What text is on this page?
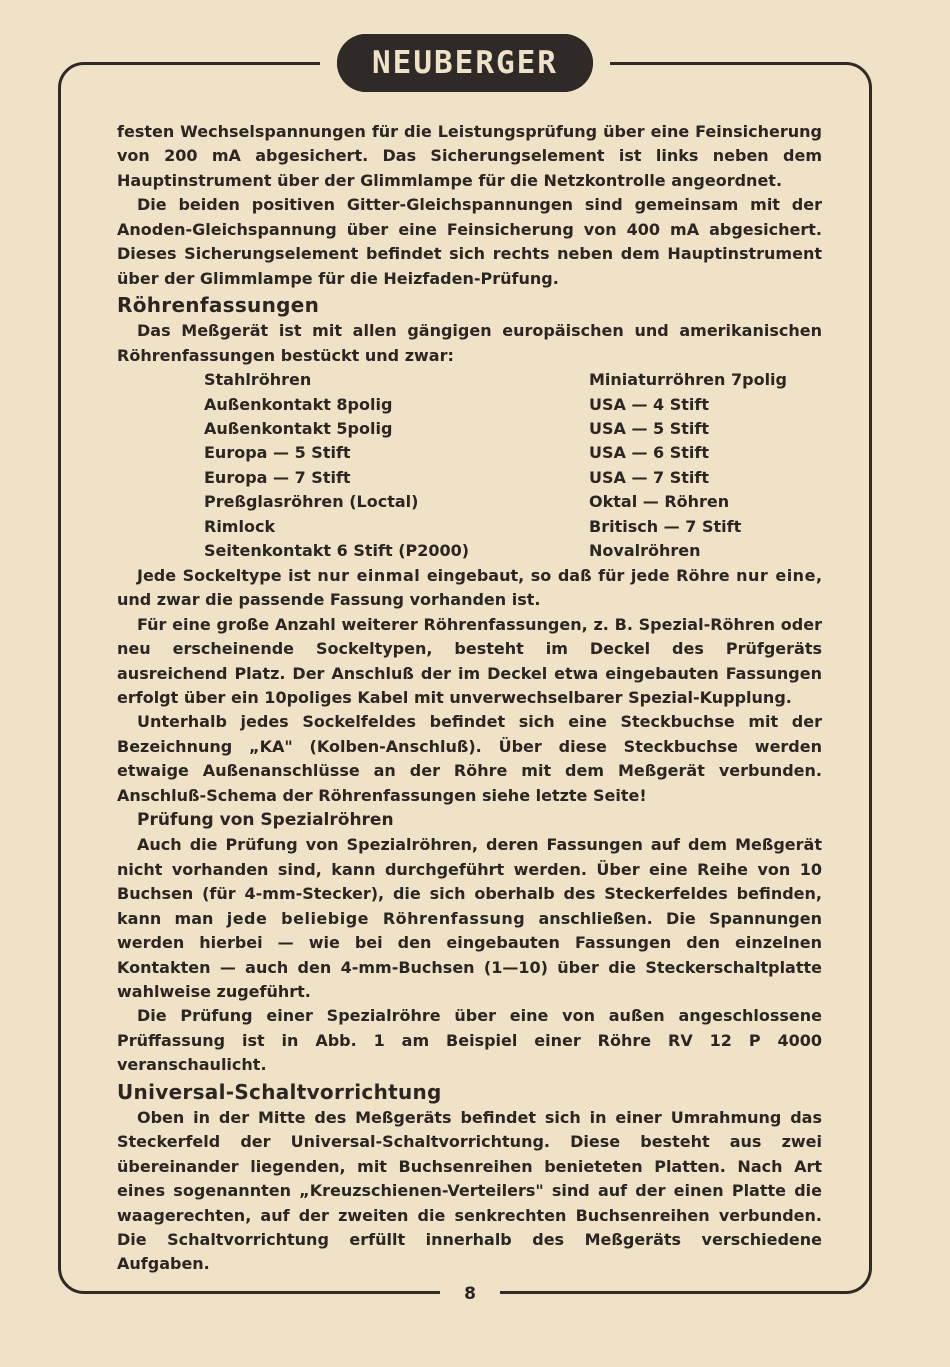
NEUBERGER

festen Wechselspannungen für die Leistungsprüfung über eine Feinsicherung von 200 mA abgesichert. Das Sicherungselement ist links neben dem Hauptinstrument über der Glimmlampe für die Netzkontrolle angeordnet.

Die beiden positiven Gitter-Gleichspannungen sind gemeinsam mit der Anoden-Gleichspannung über eine Feinsicherung von 400 mA abgesichert. Dieses Sicherungselement befindet sich rechts neben dem Hauptinstrument über der Glimmlampe für die Heizfaden-Prüfung.

Röhrenfassungen

Das Meßgerät ist mit allen gängigen europäischen und amerikanischen Röhrenfassungen bestückt und zwar:

Stahlröhren	Miniaturröhren 7polig
Außenkontakt 8polig	USA — 4 Stift
Außenkontakt 5polig	USA — 5 Stift
Europa — 5 Stift	USA — 6 Stift
Europa — 7 Stift	USA — 7 Stift
Preßglasröhren (Loctal)	Oktal — Röhren
Rimlock	Britisch — 7 Stift
Seitenkontakt 6 Stift (P2000)	Novalröhren

Jede Sockeltype ist nur einmal eingebaut, so daß für jede Röhre nur eine, und zwar die passende Fassung vorhanden ist.

Für eine große Anzahl weiterer Röhrenfassungen, z. B. Spezial-Röhren oder neu erscheinende Sockeltypen, besteht im Deckel des Prüfgeräts ausreichend Platz. Der Anschluß der im Deckel etwa eingebauten Fassungen erfolgt über ein 10poliges Kabel mit unverwechselbarer Spezial-Kupplung.

Unterhalb jedes Sockelfeldes befindet sich eine Steckbuchse mit der Bezeichnung „KA" (Kolben-Anschluß). Über diese Steckbuchse werden etwaige Außenanschlüsse an der Röhre mit dem Meßgerät verbunden. Anschluß-Schema der Röhrenfassungen siehe letzte Seite!

Prüfung von Spezialröhren

Auch die Prüfung von Spezialröhren, deren Fassungen auf dem Meßgerät nicht vorhanden sind, kann durchgeführt werden. Über eine Reihe von 10 Buchsen (für 4-mm-Stecker), die sich oberhalb des Steckerfeldes befinden, kann man jede beliebige Röhrenfassung anschließen. Die Spannungen werden hierbei — wie bei den eingebauten Fassungen den einzelnen Kontakten — auch den 4-mm-Buchsen (1—10) über die Steckerschaltplatte wahlweise zugeführt.

Die Prüfung einer Spezialröhre über eine von außen angeschlossene Prüffassung ist in Abb. 1 am Beispiel einer Röhre RV 12 P 4000 veranschaulicht.

Universal-Schaltvorrichtung

Oben in der Mitte des Meßgeräts befindet sich in einer Umrahmung das Steckerfeld der Universal-Schaltvorrichtung. Diese besteht aus zwei übereinander liegenden, mit Buchsenreihen benieteten Platten. Nach Art eines sogenannten „Kreuzschienen-Verteilers" sind auf der einen Platte die waagerechten, auf der zweiten die senkrechten Buchsenreihen verbunden. Die Schaltvorrichtung erfüllt innerhalb des Meßgeräts verschiedene Aufgaben.

8
